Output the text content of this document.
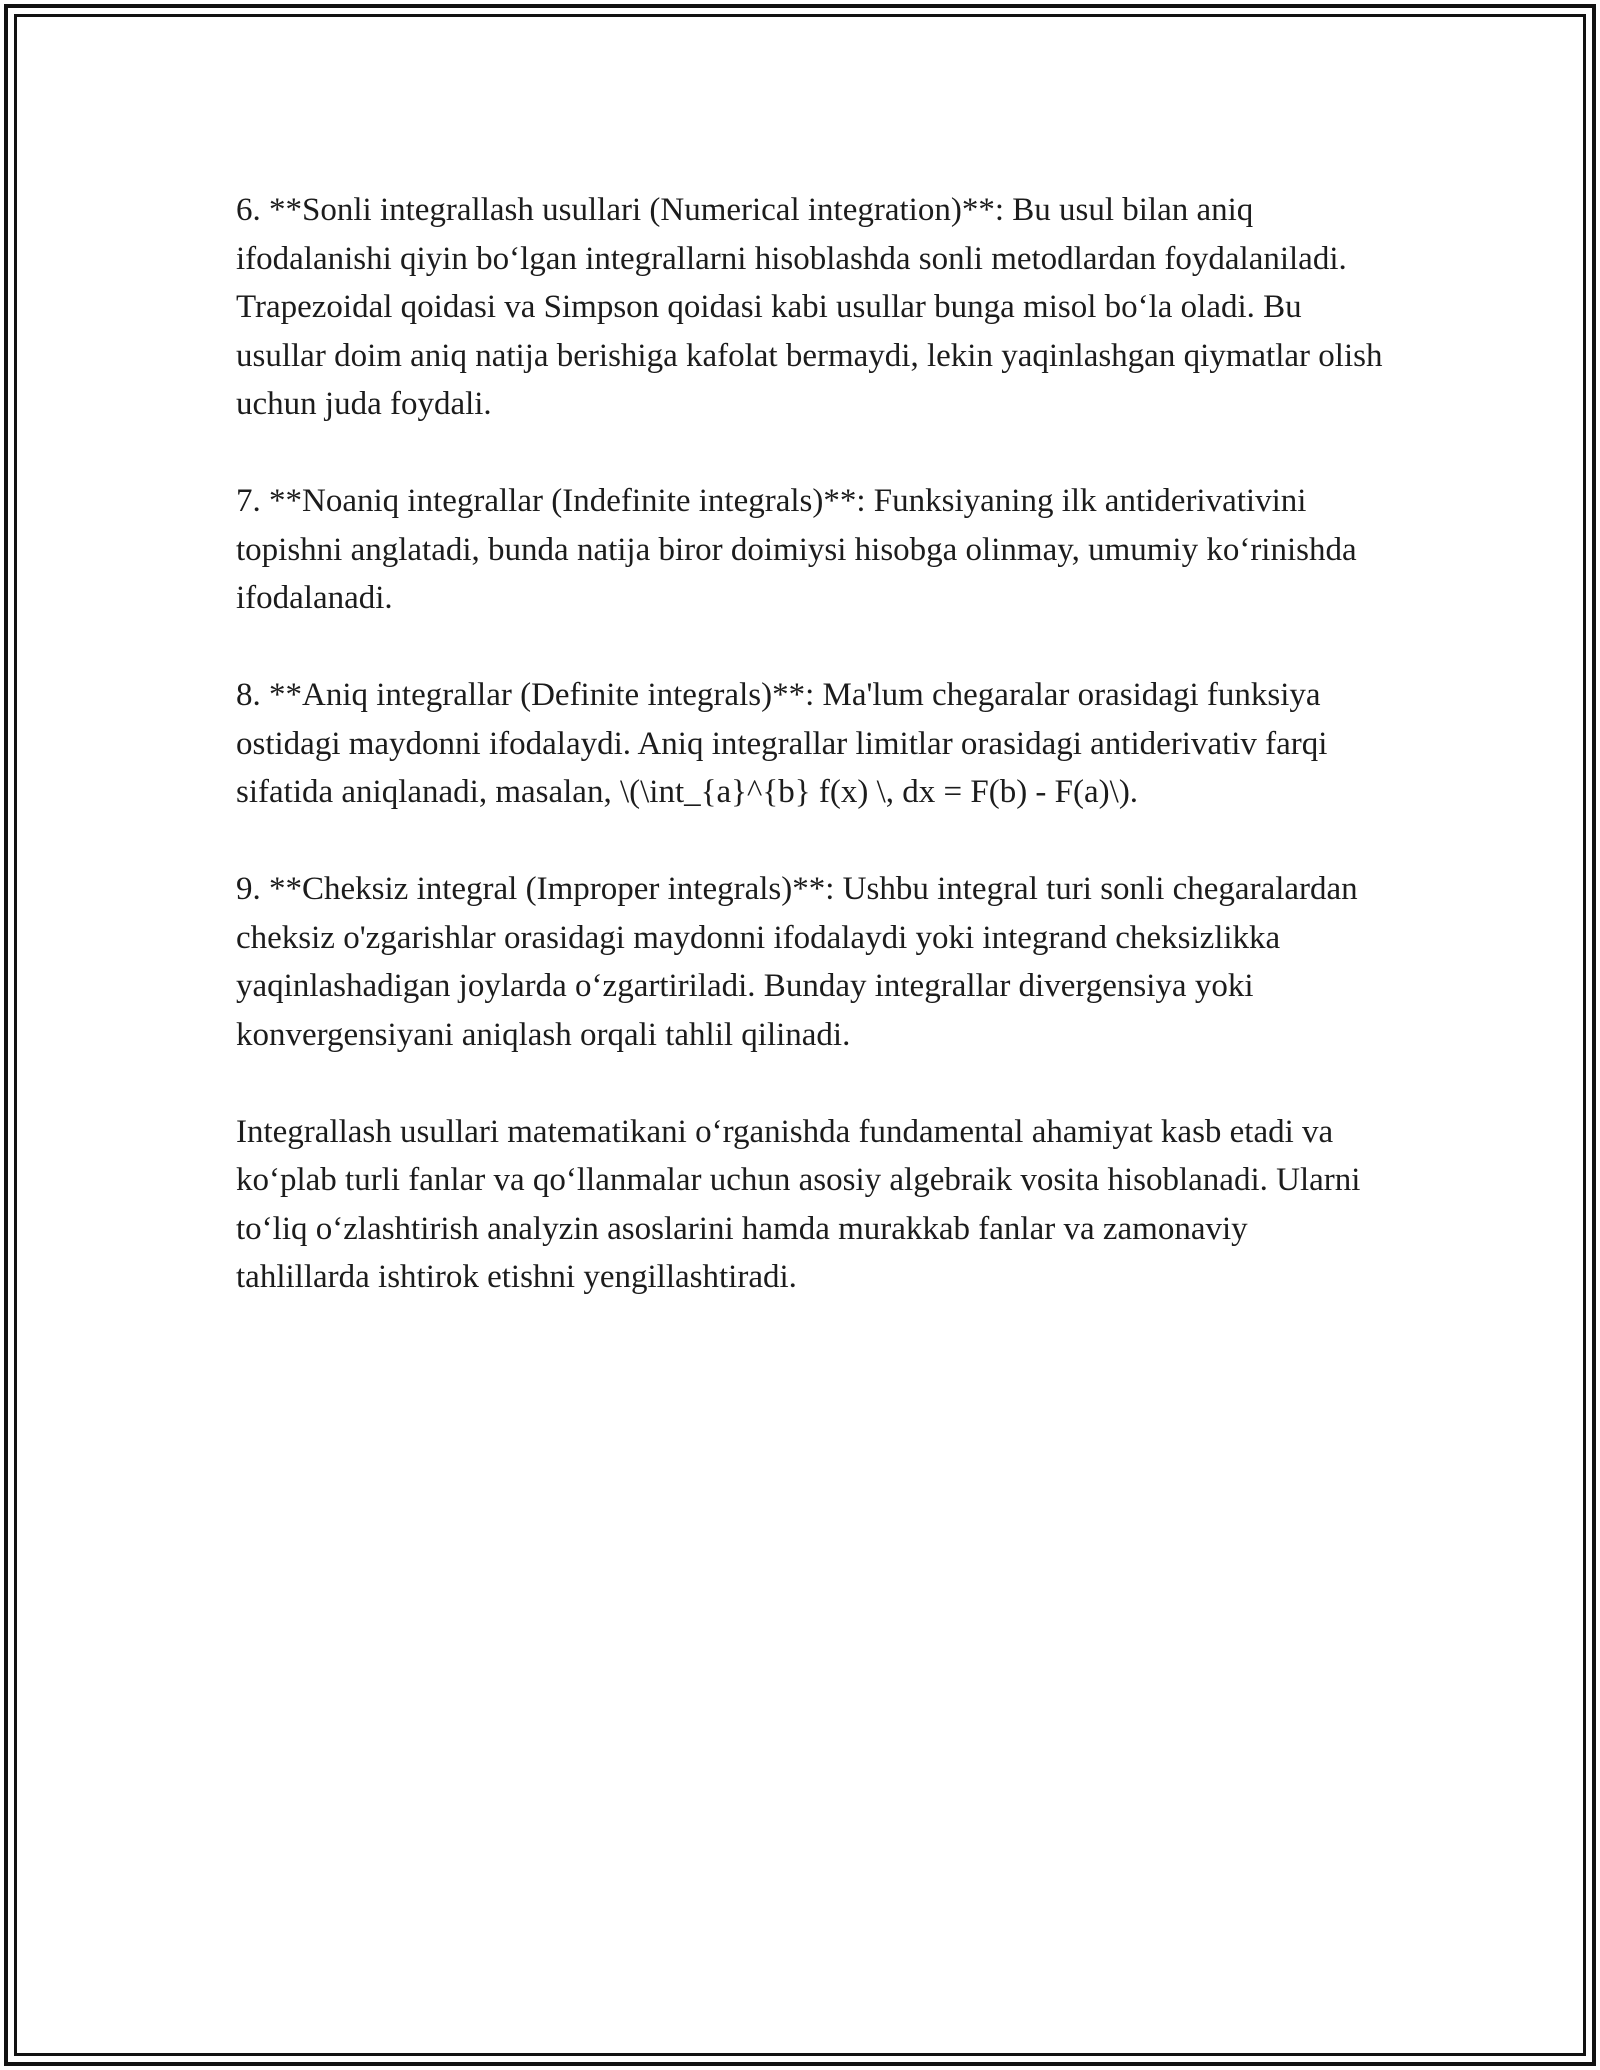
6. **Sonli integrallash usullari (Numerical integration)**: Bu usul bilan aniq ifodalanishi qiyin bo‘lgan integrallarni hisoblashda sonli metodlardan foydalaniladi. Trapezoidal qoidasi va Simpson qoidasi kabi usullar bunga misol bo‘la oladi. Bu usullar doim aniq natija berishiga kafolat bermaydi, lekin yaqinlashgan qiymatlar olish uchun juda foydali.

7. **Noaniq integrallar (Indefinite integrals)**: Funksiyaning ilk antiderivativini topishni anglatadi, bunda natija biror doimiysi hisobga olinmay, umumiy ko‘rinishda ifodalanadi.

8. **Aniq integrallar (Definite integrals)**: Ma'lum chegaralar orasidagi funksiya ostidagi maydonni ifodalaydi. Aniq integrallar limitlar orasidagi antiderivativ farqi sifatida aniqlanadi, masalan, \(\int_{a}^{b} f(x) \, dx = F(b) - F(a)\).

9. **Cheksiz integral (Improper integrals)**: Ushbu integral turi sonli chegaralardan cheksiz o'zgarishlar orasidagi maydonni ifodalaydi yoki integrand cheksizlikka yaqinlashadigan joylarda o‘zgartiriladi. Bunday integrallar divergensiya yoki konvergensiyani aniqlash orqali tahlil qilinadi.

Integrallash usullari matematikani o‘rganishda fundamental ahamiyat kasb etadi va ko‘plab turli fanlar va qo‘llanmalar uchun asosiy algebraik vosita hisoblanadi. Ularni to‘liq o‘zlashtirish analyzin asoslarini hamda murakkab fanlar va zamonaviy tahlillarda ishtirok etishni yengillashtiradi.
